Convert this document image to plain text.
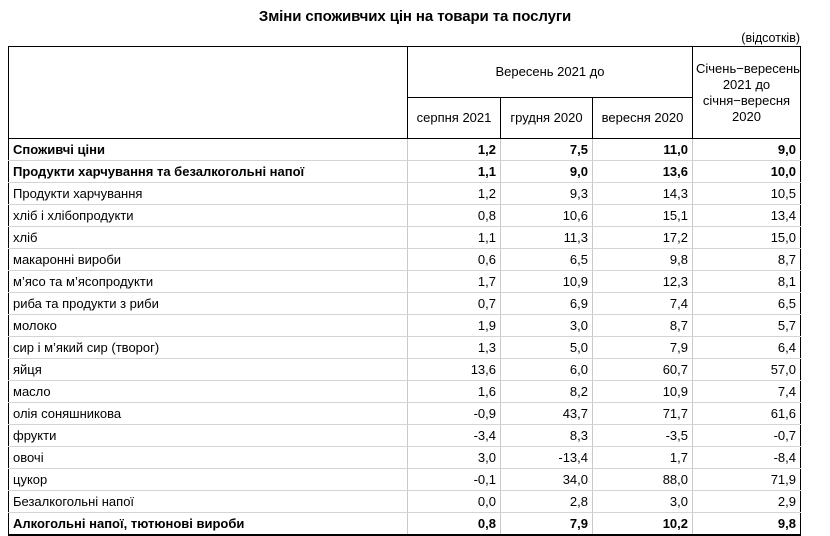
Зміни споживчих цін на товари та послуги
(відсотків)
	Вересень 2021 до			Січень−вересень 2021 до січня−вересня 2020
	серпня 2021	грудня 2020	вересня 2020	
Споживчі ціни	1,2	7,5	11,0	9,0
Продукти харчування та безалкогольні напої	1,1	9,0	13,6	10,0
Продукти харчування	1,2	9,3	14,3	10,5
хліб і хлібопродукти	0,8	10,6	15,1	13,4
хліб	1,1	11,3	17,2	15,0
макаронні вироби	0,6	6,5	9,8	8,7
м’ясо та м’ясопродукти	1,7	10,9	12,3	8,1
риба та продукти з риби	0,7	6,9	7,4	6,5
молоко	1,9	3,0	8,7	5,7
сир і м’який сир (творог)	1,3	5,0	7,9	6,4
яйця	13,6	6,0	60,7	57,0
масло	1,6	8,2	10,9	7,4
олія соняшникова	-0,9	43,7	71,7	61,6
фрукти	-3,4	8,3	-3,5	-0,7
овочі	3,0	-13,4	1,7	-8,4
цукор	-0,1	34,0	88,0	71,9
Безалкогольні напої	0,0	2,8	3,0	2,9
Алкогольні напої, тютюнові вироби	0,8	7,9	10,2	9,8
